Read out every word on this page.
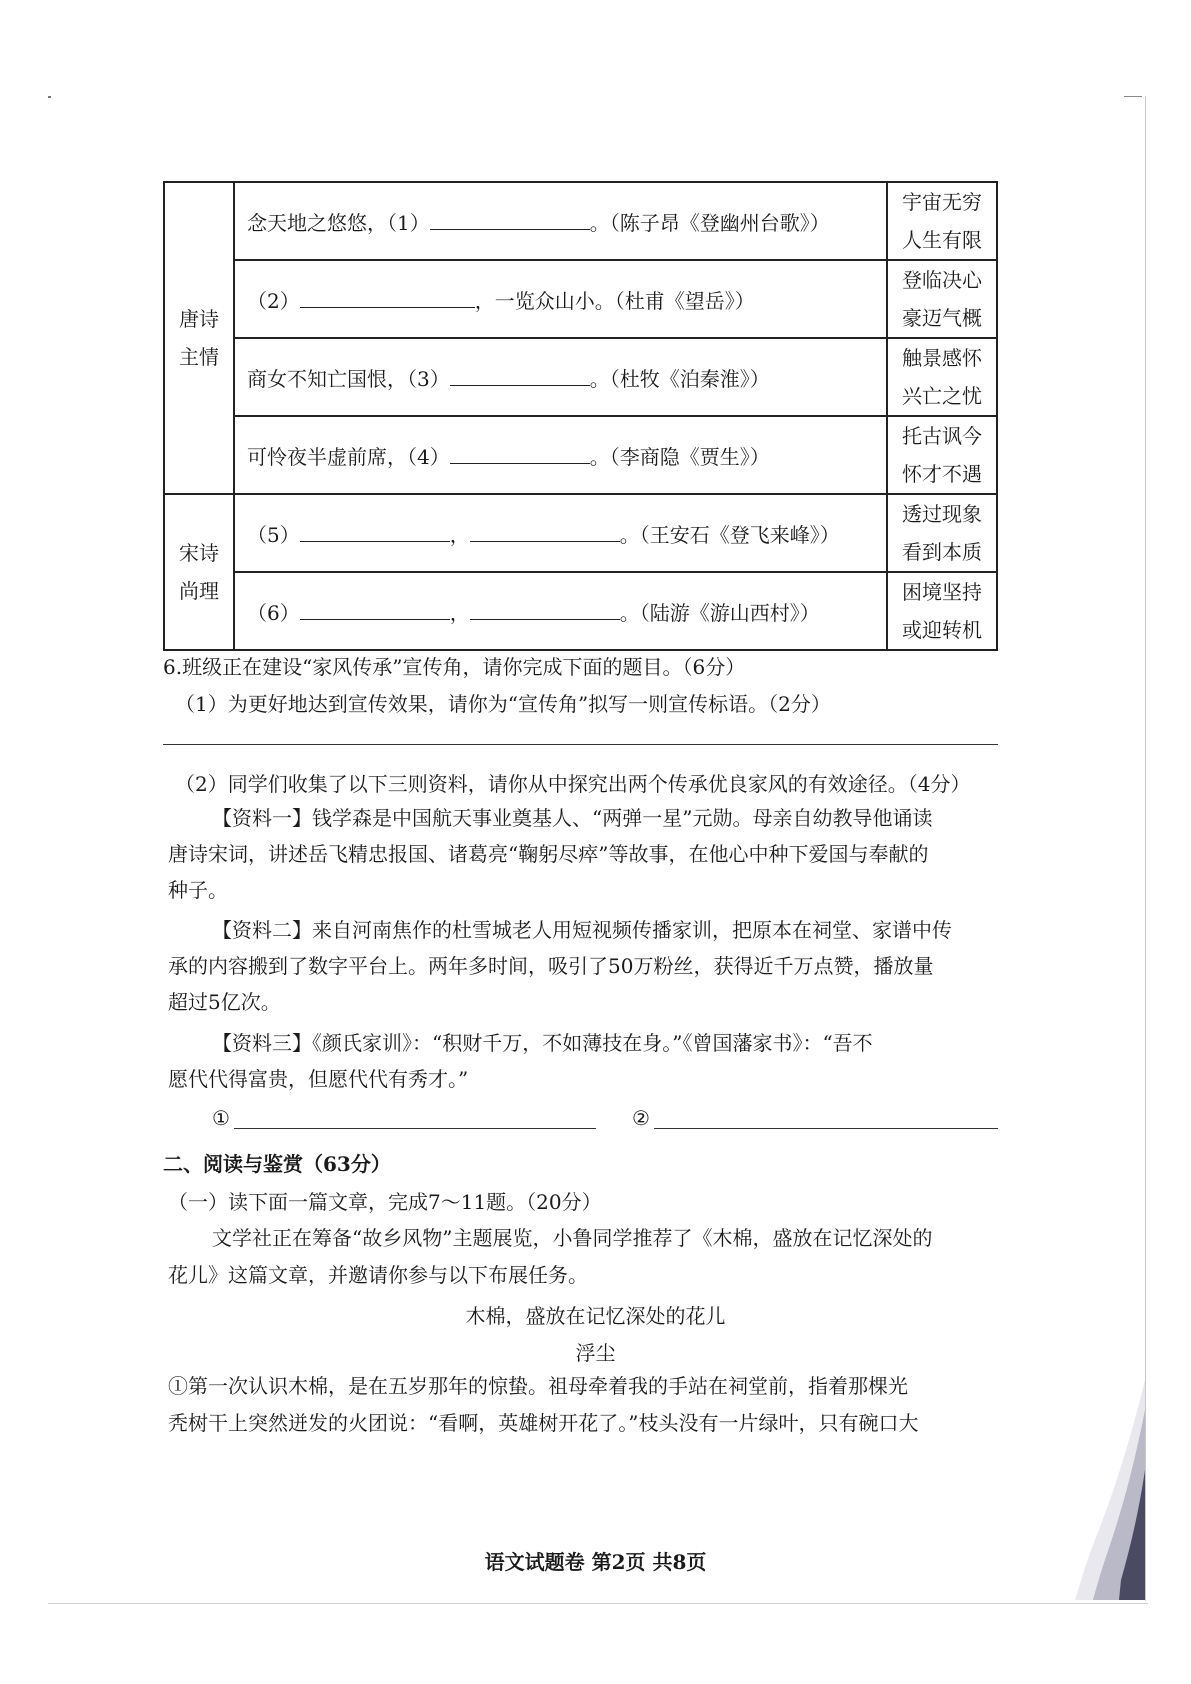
唐诗
主情	念天地之悠悠，（1） 。（陈子昂《登幽州台歌》）	宇宙无穷
人生有限

	（2） ，一览众山小。（杜甫《望岳》）	登临决心
豪迈气概

	商女不知亡国恨，（3） 。（杜牧《泊秦淮》）	触景感怀
兴亡之忧

	可怜夜半虚前席，（4） 。（李商隐《贾生》）	托古讽今
怀才不遇

宋诗
尚理	（5） ， 。（王安石《登飞来峰》）	透过现象
看到本质

	（6） ， 。（陆游《游山西村》）	困境坚持
或迎转机
6.班级正在建设“家风传承”宣传角，请你完成下面的题目。（6分）
（1）为更好地达到宣传效果，请你为“宣传角”拟写一则宣传标语。（2分）
（2）同学们收集了以下三则资料，请你从中探究出两个传承优良家风的有效途径。（4分）
【资料一】钱学森是中国航天事业奠基人、“两弹一星”元勋。母亲自幼教导他诵读
唐诗宋词，讲述岳飞精忠报国、诸葛亮“鞠躬尽瘁”等故事，在他心中种下爱国与奉献的
种子。
【资料二】来自河南焦作的杜雪城老人用短视频传播家训，把原本在祠堂、家谱中传
承的内容搬到了数字平台上。两年多时间，吸引了50万粉丝，获得近千万点赞，播放量
超过5亿次。
【资料三】《颜氏家训》：“积财千万，不如薄技在身。”《曾国藩家书》：“吾不
愿代代得富贵，但愿代代有秀才。”
①	②
二、阅读与鉴赏（63分）
（一）读下面一篇文章，完成7～11题。（20分）
文学社正在筹备“故乡风物”主题展览，小鲁同学推荐了《木棉，盛放在记忆深处的
花儿》这篇文章，并邀请你参与以下布展任务。
木棉，盛放在记忆深处的花儿
浮尘
①第一次认识木棉，是在五岁那年的惊蛰。祖母牵着我的手站在祠堂前，指着那棵光
秃树干上突然迸发的火团说：“看啊，英雄树开花了。”枝头没有一片绿叶，只有碗口大
语文试题卷 第2页 共8页
